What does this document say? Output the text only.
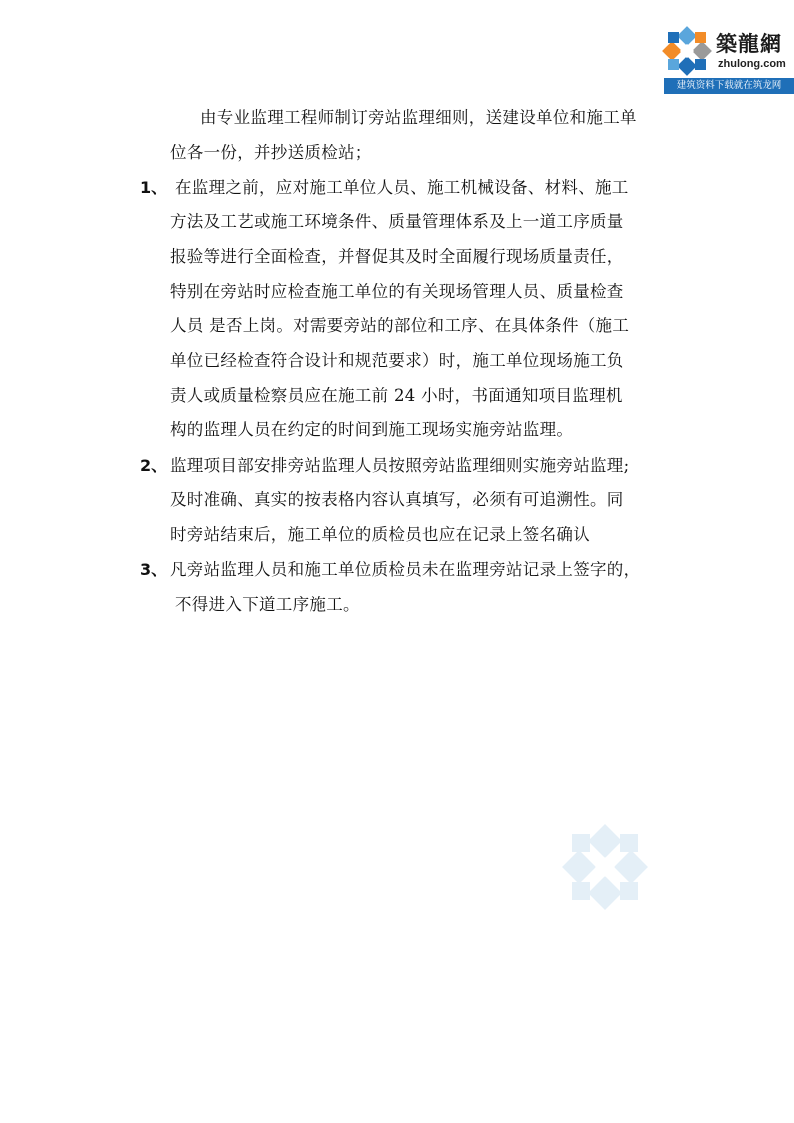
築龍網
zhulong.com
建筑资料下载就在筑龙网
由专业监理工程师制订旁站监理细则，送建设单位和施工单
位各一份，并抄送质检站；
1、 在监理之前，应对施工单位人员、施工机械设备、材料、施工
方法及工艺或施工环境条件、质量管理体系及上一道工序质量
报验等进行全面检查，并督促其及时全面履行现场质量责任，
特别在旁站时应检查施工单位的有关现场管理人员、质量检查
人员 是否上岗。对需要旁站的部位和工序、在具体条件（施工
单位已经检查符合设计和规范要求）时，施工单位现场施工负
责人或质量检察员应在施工前 24 小时，书面通知项目监理机
构的监理人员在约定的时间到施工现场实施旁站监理。
2、 监理项目部安排旁站监理人员按照旁站监理细则实施旁站监理;
及时准确、真实的按表格内容认真填写，必须有可追溯性。同
时旁站结束后，施工单位的质检员也应在记录上签名确认
3、 凡旁站监理人员和施工单位质检员未在监理旁站记录上签字的，
不得进入下道工序施工。
